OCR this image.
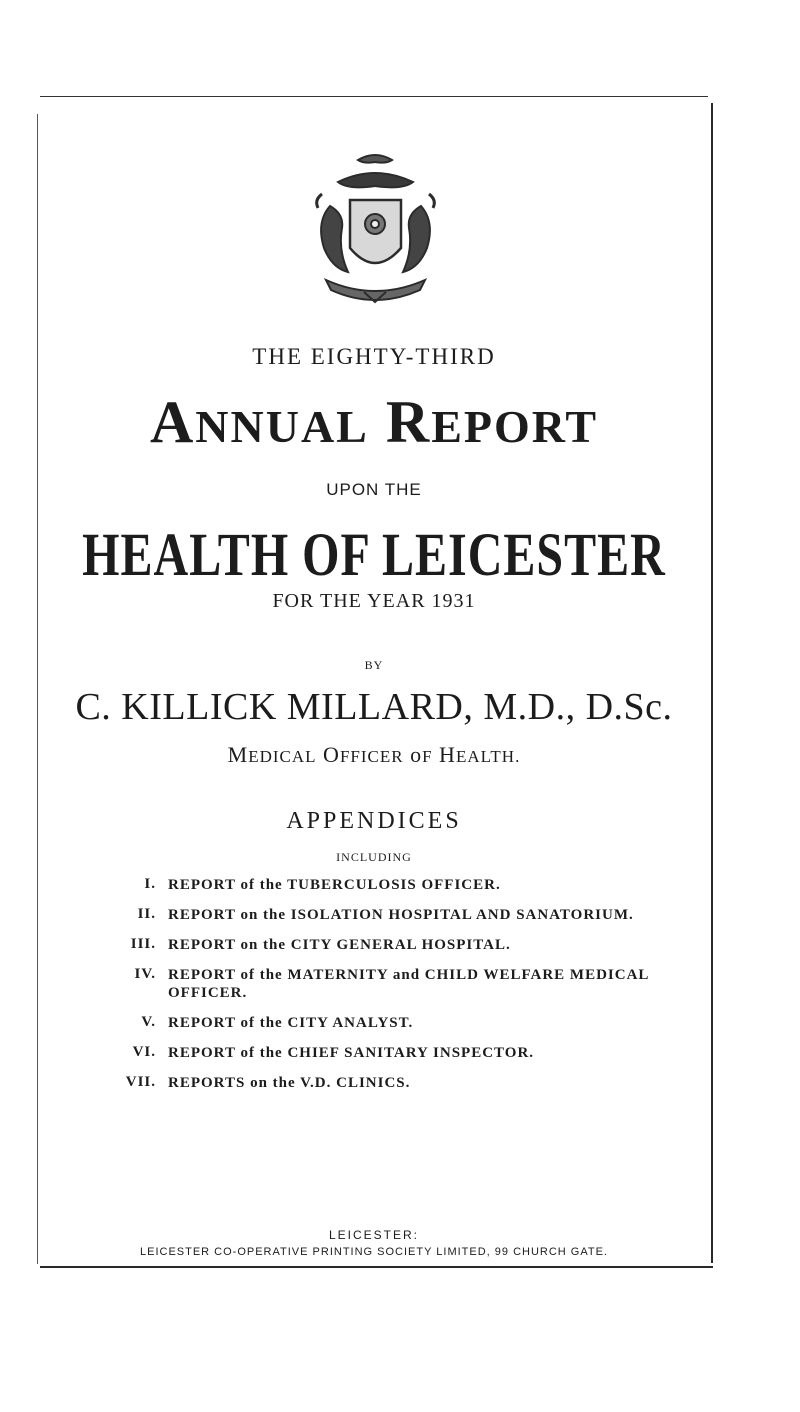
THE EIGHTY-THIRD
ANNUAL REPORT
UPON THE
HEALTH OF LEICESTER
FOR THE YEAR 1931
BY
C. KILLICK MILLARD, M.D., D.Sc.
MEDICAL OFFICER oF HEALTH.
APPENDICES
INCLUDING
I. REPORT of the TUBERCULOSIS OFFICER.
II. REPORT on the ISOLATION HOSPITAL AND SANATORIUM.
III. REPORT on the CITY GENERAL HOSPITAL.
IV. REPORT of the MATERNITY and CHILD WELFARE MEDICAL OFFICER.
V. REPORT of the CITY ANALYST.
VI. REPORT of the CHIEF SANITARY INSPECTOR.
VII. REPORTS on the V.D. CLINICS.
LEICESTER:
LEICESTER CO-OPERATIVE PRINTING SOCIETY LIMITED, 99 CHURCH GATE.
